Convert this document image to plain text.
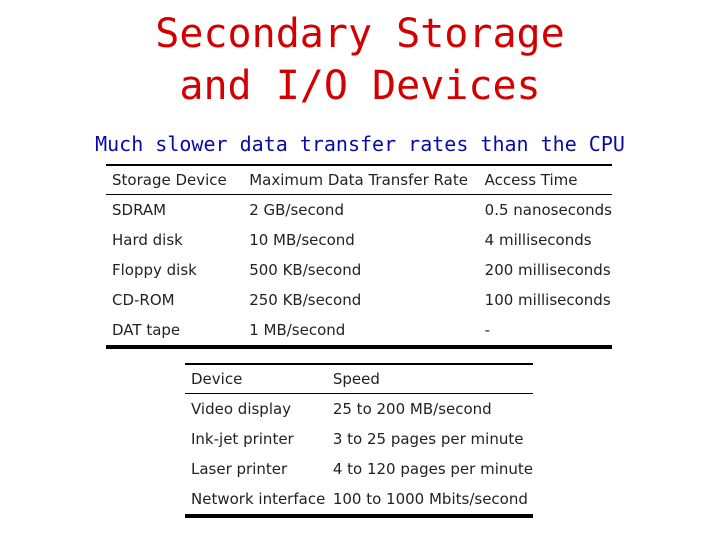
Secondary Storage
and I/O Devices

Much slower data transfer rates than the CPU

Storage Device	Maximum Data Transfer Rate	Access Time
SDRAM	2 GB/second	0.5 nanoseconds
Hard disk	10 MB/second	4 milliseconds
Floppy disk	500 KB/second	200 milliseconds
CD-ROM	250 KB/second	100 milliseconds
DAT tape	1 MB/second	-
Device	Speed
Video display	25 to 200 MB/second
Ink-jet printer	3 to 25 pages per minute
Laser printer	4 to 120 pages per minute
Network interface	100 to 1000 Mbits/second
